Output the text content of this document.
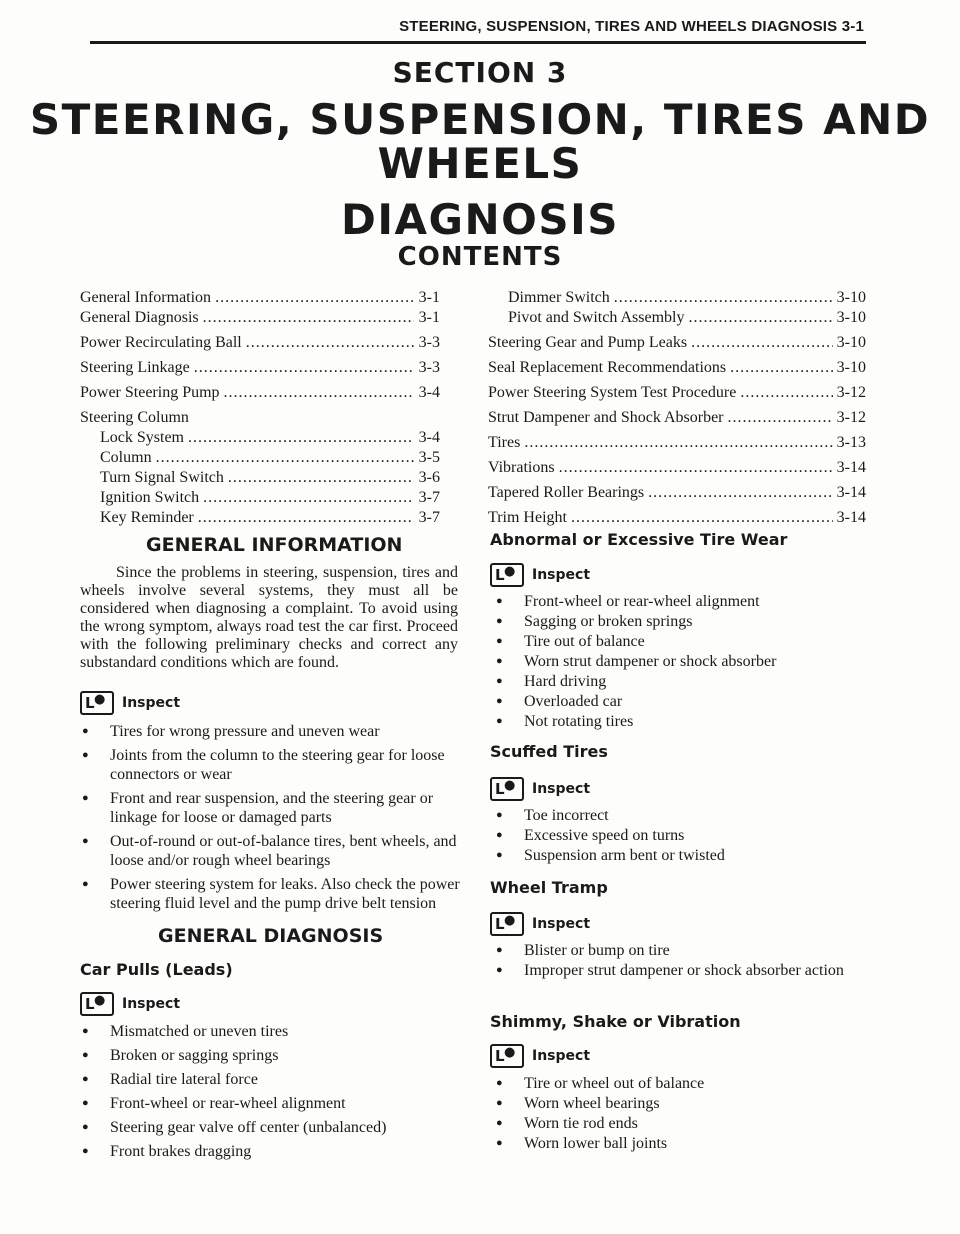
STEERING, SUSPENSION, TIRES AND WHEELS DIAGNOSIS 3-1
SECTION 3
STEERING, SUSPENSION, TIRES AND
WHEELS
DIAGNOSIS
CONTENTS
General Information .....	3-1
General Diagnosis .....	3-1
Power Recirculating Ball .....	3-3
Steering Linkage .....	3-3
Power Steering Pump .....	3-4
Steering Column
Lock System .....	3-4
Column .....	3-5
Turn Signal Switch .....	3-6
Ignition Switch .....	3-7
Key Reminder .....	3-7
Dimmer Switch .....	3-10
Pivot and Switch Assembly .....	3-10
Steering Gear and Pump Leaks .....	3-10
Seal Replacement Recommendations .....	3-10
Power Steering System Test Procedure .....	3-12
Strut Dampener and Shock Absorber .....	3-12
Tires .....	3-13
Vibrations .....	3-14
Tapered Roller Bearings .....	3-14
Trim Height .....	3-14
GENERAL INFORMATION
Since the problems in steering, suspension, tires and wheels involve several systems, they must all be considered when diagnosing a complaint. To avoid using the wrong symptom, always road test the car first. Proceed with the following preliminary checks and correct any substandard conditions which are found.
L ● Inspect
● Tires for wrong pressure and uneven wear
● Joints from the column to the steering gear for loose connectors or wear
● Front and rear suspension, and the steering gear or linkage for loose or damaged parts
● Out-of-round or out-of-balance tires, bent wheels, and loose and/or rough wheel bearings
● Power steering system for leaks. Also check the power steering fluid level and the pump drive belt tension
GENERAL DIAGNOSIS
Car Pulls (Leads)
L ● Inspect
● Mismatched or uneven tires
● Broken or sagging springs
● Radial tire lateral force
● Front-wheel or rear-wheel alignment
● Steering gear valve off center (unbalanced)
● Front brakes dragging
Abnormal or Excessive Tire Wear
L ● Inspect
● Front-wheel or rear-wheel alignment
● Sagging or broken springs
● Tire out of balance
● Worn strut dampener or shock absorber
● Hard driving
● Overloaded car
● Not rotating tires
Scuffed Tires
L ● Inspect
● Toe incorrect
● Excessive speed on turns
● Suspension arm bent or twisted
Wheel Tramp
L ● Inspect
● Blister or bump on tire
● Improper strut dampener or shock absorber action
Shimmy, Shake or Vibration
L ● Inspect
● Tire or wheel out of balance
● Worn wheel bearings
● Worn tie rod ends
● Worn lower ball joints
